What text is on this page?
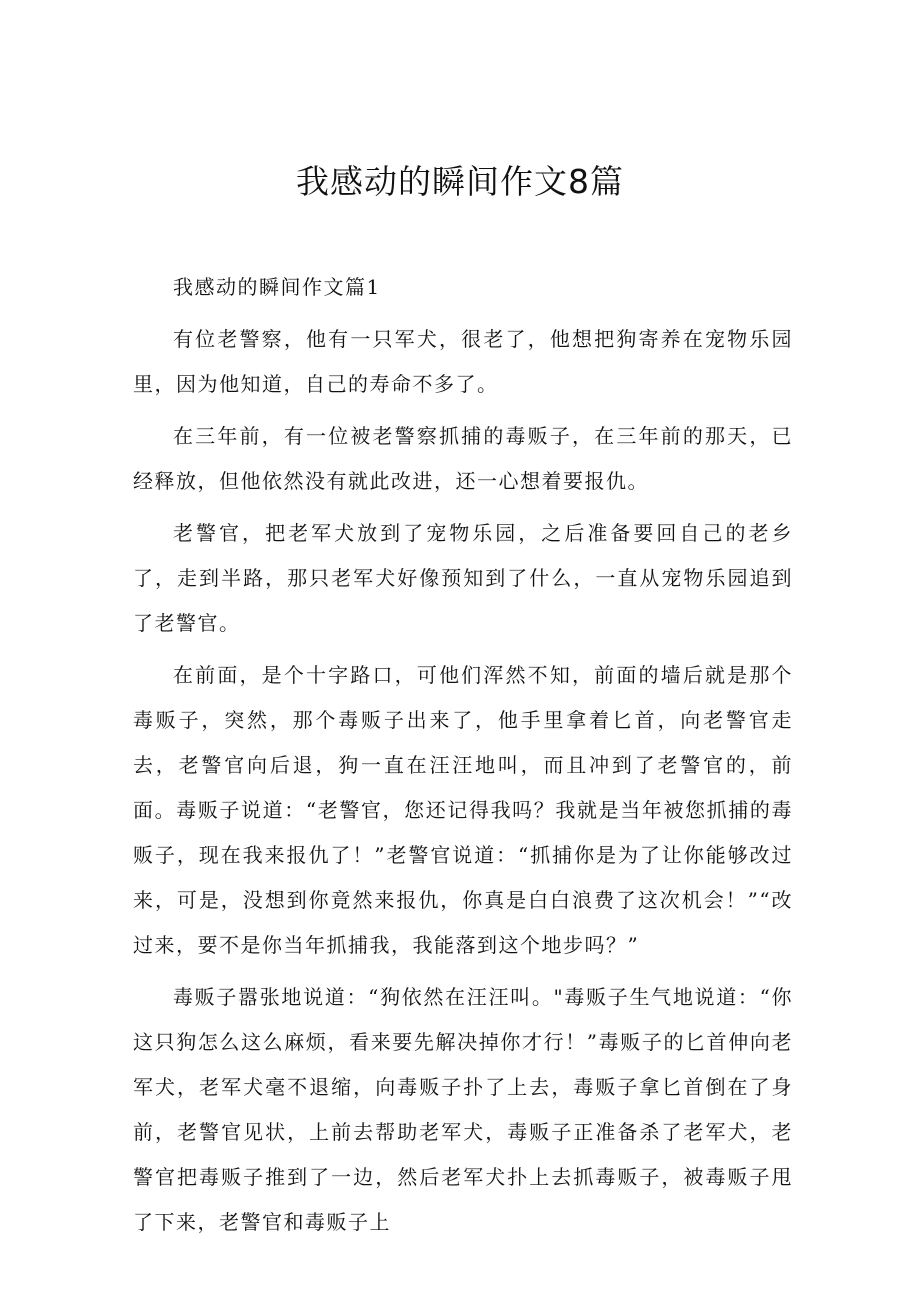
我感动的瞬间作文8篇

我感动的瞬间作文篇1

有位老警察，他有一只军犬，很老了，他想把狗寄养在宠物乐园里，因为他知道，自己的寿命不多了。

在三年前，有一位被老警察抓捕的毒贩子，在三年前的那天，已经释放，但他依然没有就此改进，还一心想着要报仇。

老警官，把老军犬放到了宠物乐园，之后准备要回自己的老乡了，走到半路，那只老军犬好像预知到了什么，一直从宠物乐园追到了老警官。

在前面，是个十字路口，可他们浑然不知，前面的墙后就是那个毒贩子，突然，那个毒贩子出来了，他手里拿着匕首，向老警官走去，老警官向后退，狗一直在汪汪地叫，而且冲到了老警官的，前面。毒贩子说道：“老警官，您还记得我吗？我就是当年被您抓捕的毒贩子，现在我来报仇了！”老警官说道：“抓捕你是为了让你能够改过来，可是，没想到你竟然来报仇，你真是白白浪费了这次机会！”“改过来，要不是你当年抓捕我，我能落到这个地步吗？”

毒贩子嚣张地说道：“狗依然在汪汪叫。"毒贩子生气地说道：“你这只狗怎么这么麻烦，看来要先解决掉你才行！”毒贩子的匕首伸向老军犬，老军犬毫不退缩，向毒贩子扑了上去，毒贩子拿匕首倒在了身前，老警官见状，上前去帮助老军犬，毒贩子正准备杀了老军犬，老警官把毒贩子推到了一边，然后老军犬扑上去抓毒贩子，被毒贩子甩了下来，老警官和毒贩子上
